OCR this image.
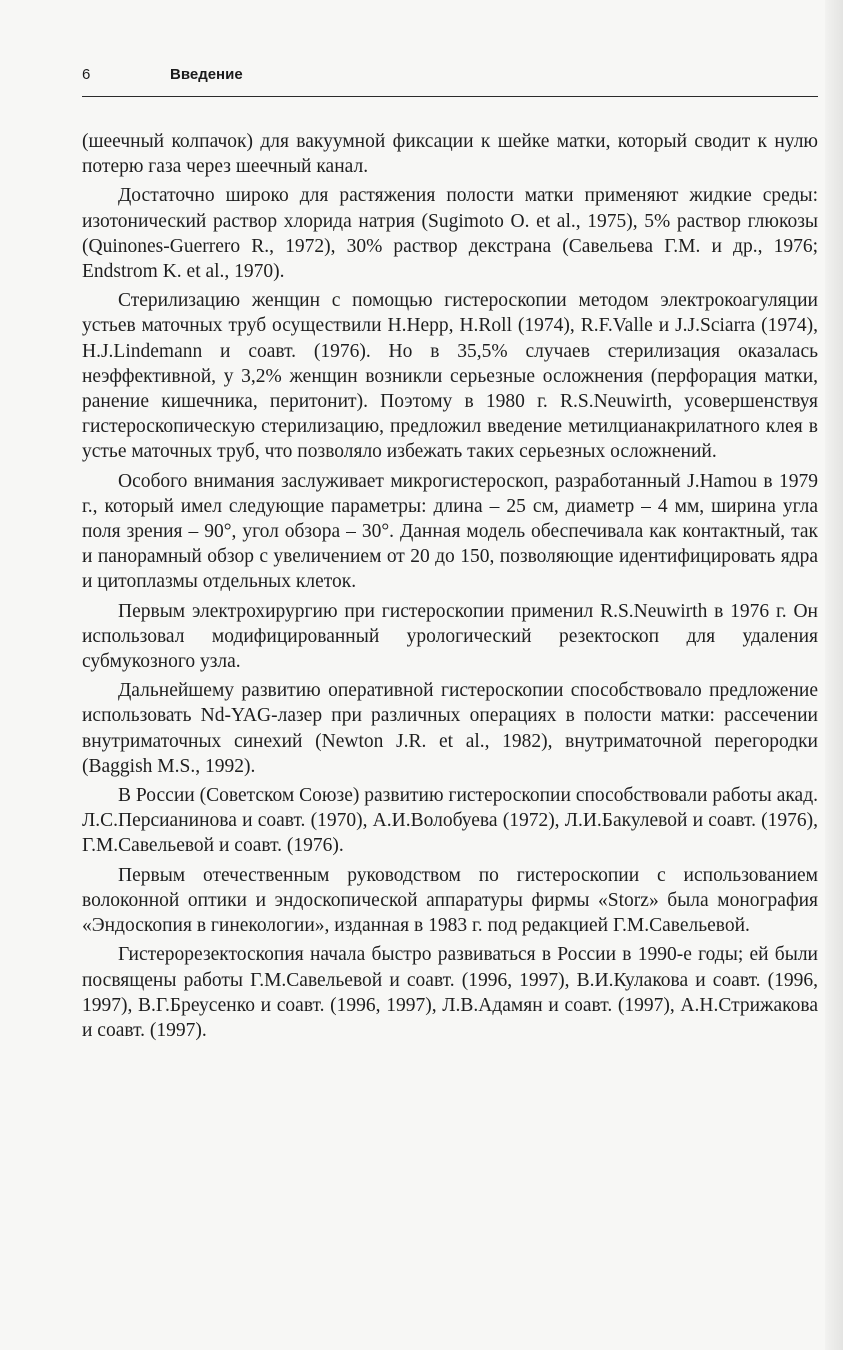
6	Введение

(шеечный колпачок) для вакуумной фиксации к шейке матки, который сводит к нулю потерю газа через шеечный канал.

Достаточно широко для растяжения полости матки применяют жидкие среды: изотонический раствор хлорида натрия (Sugimoto O. et al., 1975), 5% раствор глюкозы (Quinones-Guerrero R., 1972), 30% раствор декстрана (Савельева Г.М. и др., 1976; Endstrom K. et al., 1970).

Стерилизацию женщин с помощью гистероскопии методом электрокоагуляции устьев маточных труб осуществили H.Hepp, H.Roll (1974), R.F.Valle и J.J.Sciarra (1974), H.J.Lindemann и соавт. (1976). Но в 35,5% случаев стерилизация оказалась неэффективной, у 3,2% женщин возникли серьезные осложнения (перфорация матки, ранение кишечника, перитонит). Поэтому в 1980 г. R.S.Neuwirth, усовершенствуя гистероскопическую стерилизацию, предложил введение метилцианакрилатного клея в устье маточных труб, что позволяло избежать таких серьезных осложнений.

Особого внимания заслуживает микрогистероскоп, разработанный J.Hamou в 1979 г., который имел следующие параметры: длина – 25 см, диаметр – 4 мм, ширина угла поля зрения – 90°, угол обзора – 30°. Данная модель обеспечивала как контактный, так и панорамный обзор с увеличением от 20 до 150, позволяющие идентифицировать ядра и цитоплазмы отдельных клеток.

Первым электрохирургию при гистероскопии применил R.S.Neuwirth в 1976 г. Он использовал модифицированный урологический резектоскоп для удаления субмукозного узла.

Дальнейшему развитию оперативной гистероскопии способствовало предложение использовать Nd-YAG-лазер при различных операциях в полости матки: рассечении внутриматочных синехий (Newton J.R. et al., 1982), внутриматочной перегородки (Baggish M.S., 1992).

В России (Советском Союзе) развитию гистероскопии способствовали работы акад. Л.С.Персианинова и соавт. (1970), А.И.Волобуева (1972), Л.И.Бакулевой и соавт. (1976), Г.М.Савельевой и соавт. (1976).

Первым отечественным руководством по гистероскопии с использованием волоконной оптики и эндоскопической аппаратуры фирмы «Storz» была монография «Эндоскопия в гинекологии», изданная в 1983 г. под редакцией Г.М.Савельевой.

Гистерорезектоскопия начала быстро развиваться в России в 1990-е годы; ей были посвящены работы Г.М.Савельевой и соавт. (1996, 1997), В.И.Кулакова и соавт. (1996, 1997), В.Г.Бреусенко и соавт. (1996, 1997), Л.В.Адамян и соавт. (1997), А.Н.Стрижакова и соавт. (1997).
